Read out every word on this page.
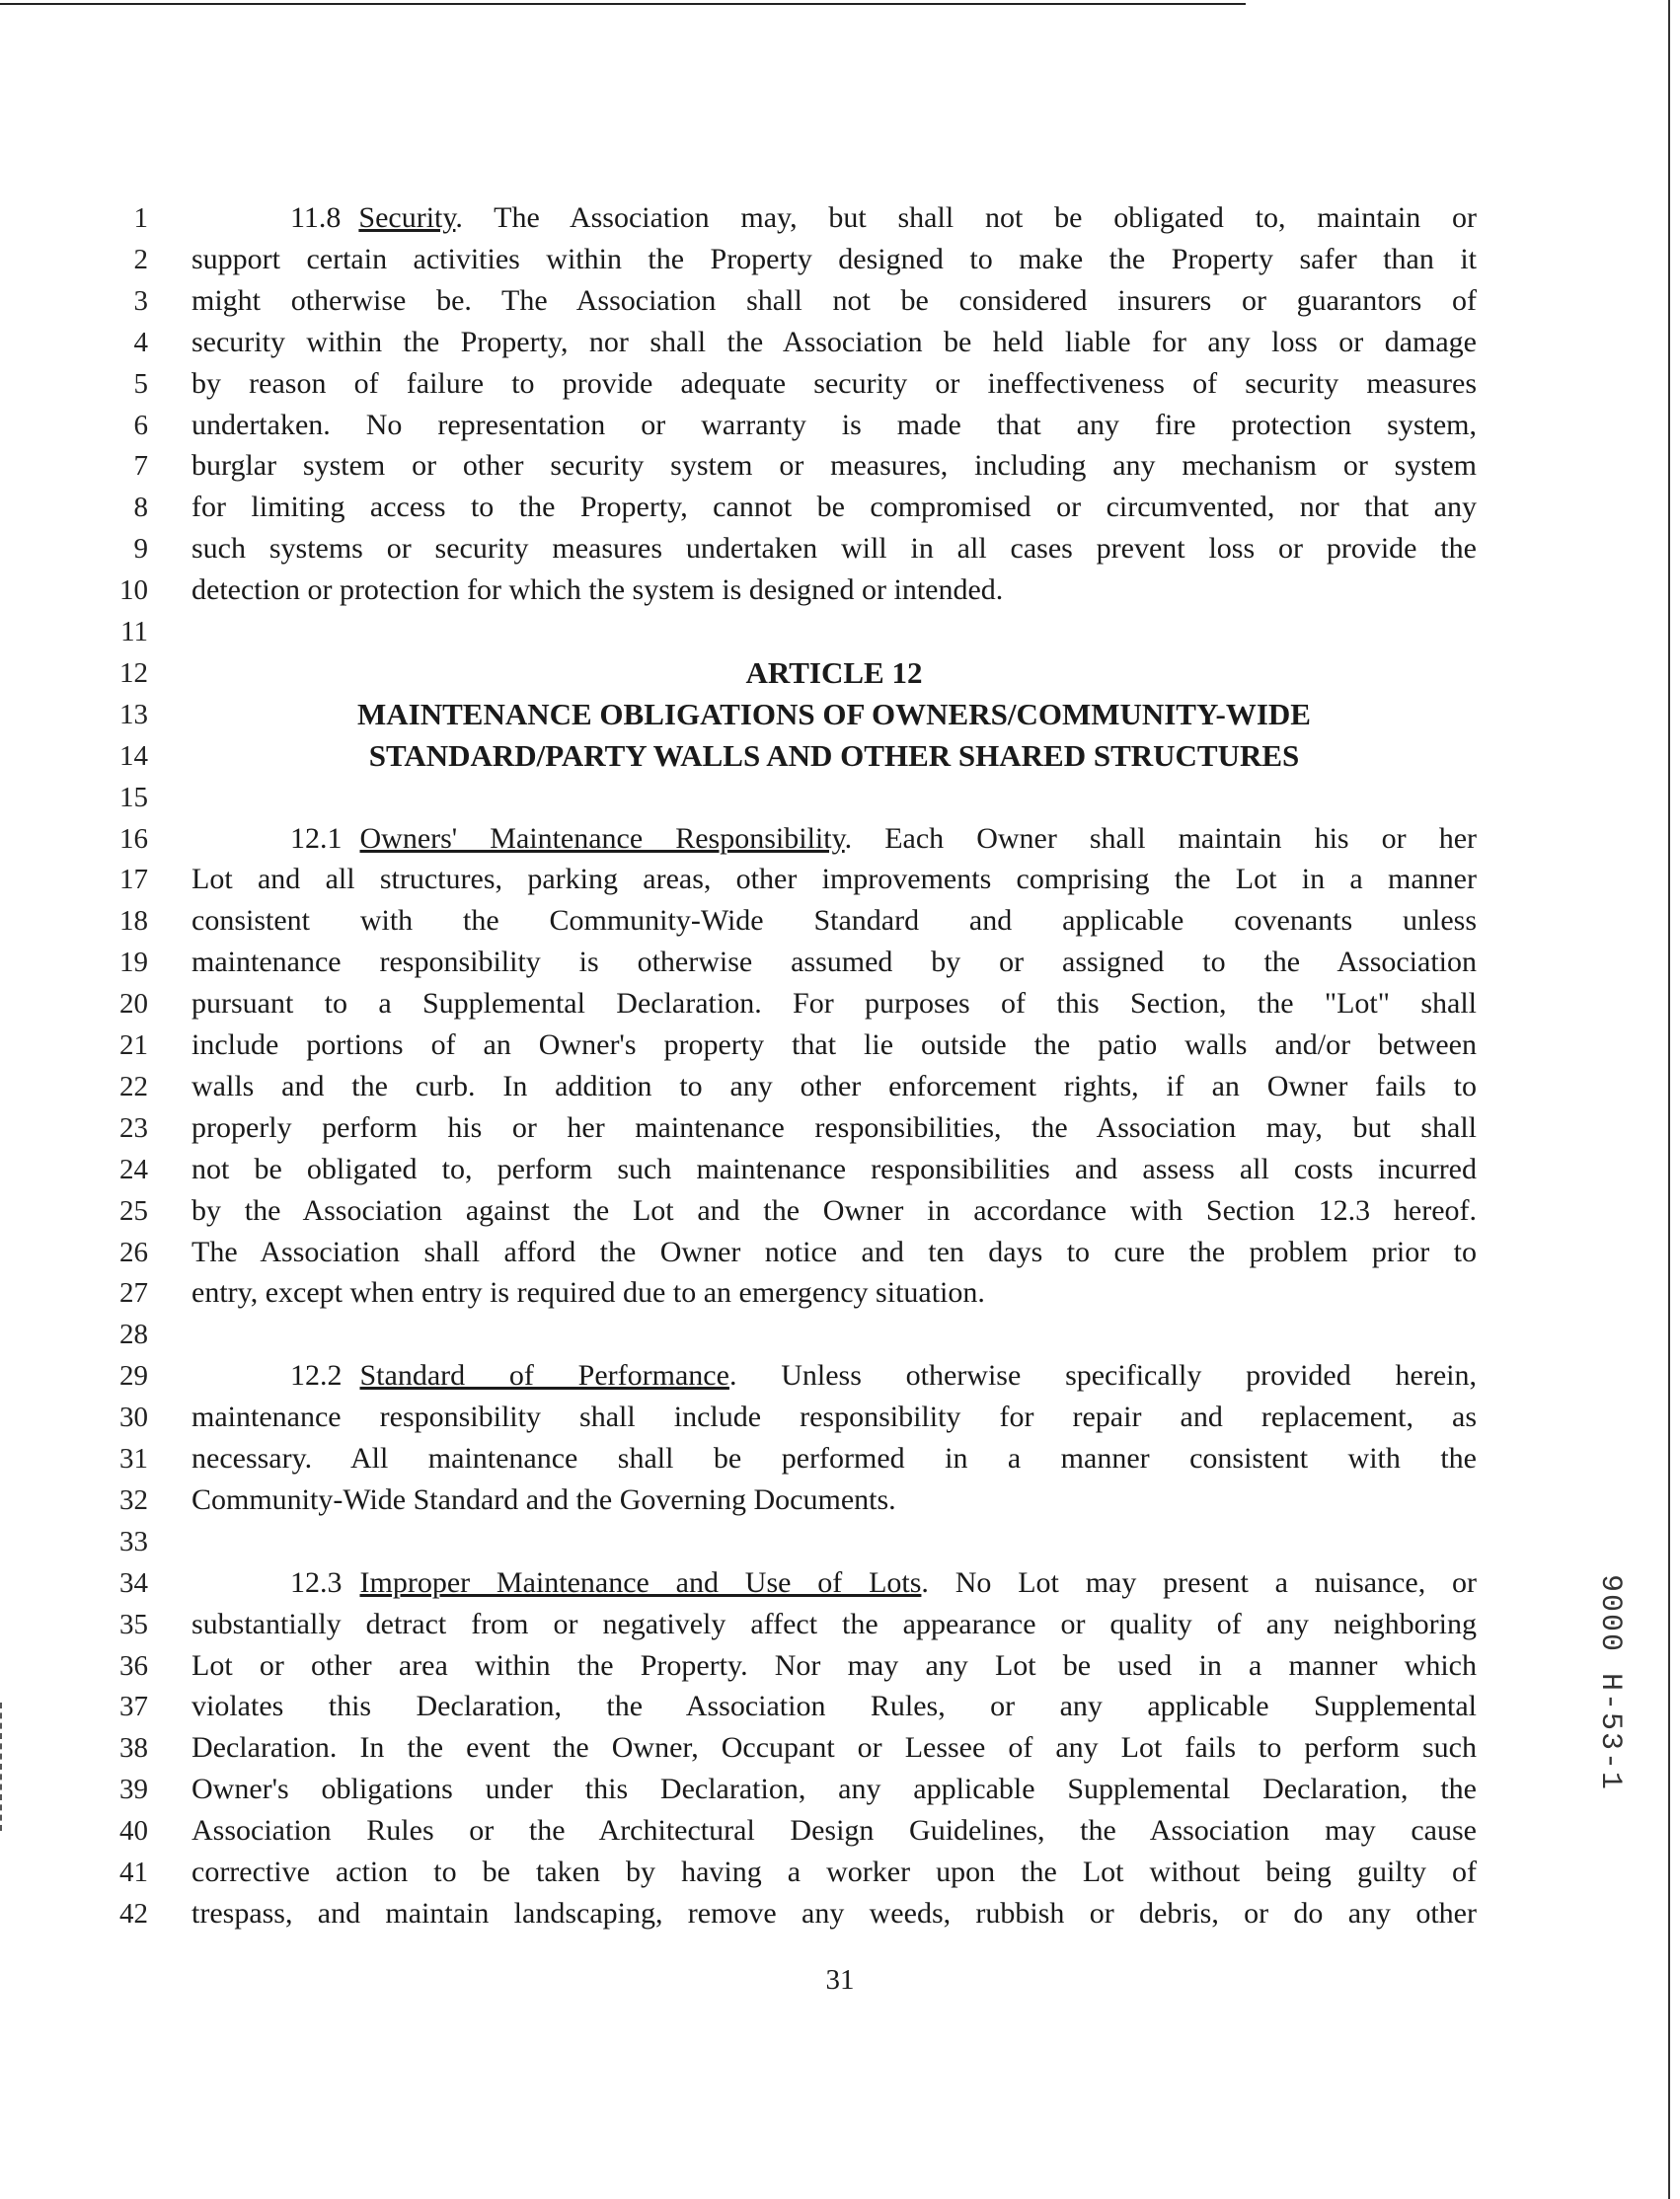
1	11.8 Security. The Association may, but shall not be obligated to, maintain or
2 support certain activities within the Property designed to make the Property safer than it
3 might otherwise be. The Association shall not be considered insurers or guarantors of
4 security within the Property, nor shall the Association be held liable for any loss or damage
5 by reason of failure to provide adequate security or ineffectiveness of security measures
6 undertaken. No representation or warranty is made that any fire protection system,
7 burglar system or other security system or measures, including any mechanism or system
8 for limiting access to the Property, cannot be compromised or circumvented, nor that any
9 such systems or security measures undertaken will in all cases prevent loss or provide the
10 detection or protection for which the system is designed or intended.
11
12	ARTICLE 12
13	MAINTENANCE OBLIGATIONS OF OWNERS/COMMUNITY-WIDE
14	STANDARD/PARTY WALLS AND OTHER SHARED STRUCTURES
15
16	12.1 Owners' Maintenance Responsibility. Each Owner shall maintain his or her
17 Lot and all structures, parking areas, other improvements comprising the Lot in a manner
18 consistent with the Community-Wide Standard and applicable covenants unless
19 maintenance responsibility is otherwise assumed by or assigned to the Association
20 pursuant to a Supplemental Declaration. For purposes of this Section, the "Lot" shall
21 include portions of an Owner's property that lie outside the patio walls and/or between
22 walls and the curb. In addition to any other enforcement rights, if an Owner fails to
23 properly perform his or her maintenance responsibilities, the Association may, but shall
24 not be obligated to, perform such maintenance responsibilities and assess all costs incurred
25 by the Association against the Lot and the Owner in accordance with Section 12.3 hereof.
26 The Association shall afford the Owner notice and ten days to cure the problem prior to
27 entry, except when entry is required due to an emergency situation.
28
29	12.2 Standard of Performance. Unless otherwise specifically provided herein,
30 maintenance responsibility shall include responsibility for repair and replacement, as
31 necessary. All maintenance shall be performed in a manner consistent with the
32 Community-Wide Standard and the Governing Documents.
33
34	12.3 Improper Maintenance and Use of Lots. No Lot may present a nuisance, or
35 substantially detract from or negatively affect the appearance or quality of any neighboring
36 Lot or other area within the Property. Nor may any Lot be used in a manner which
37 violates this Declaration, the Association Rules, or any applicable Supplemental
38 Declaration. In the event the Owner, Occupant or Lessee of any Lot fails to perform such
39 Owner's obligations under this Declaration, any applicable Supplemental Declaration, the
40 Association Rules or the Architectural Design Guidelines, the Association may cause
41 corrective action to be taken by having a worker upon the Lot without being guilty of
42 trespass, and maintain landscaping, remove any weeds, rubbish or debris, or do any other
9000 H-53-1
31
